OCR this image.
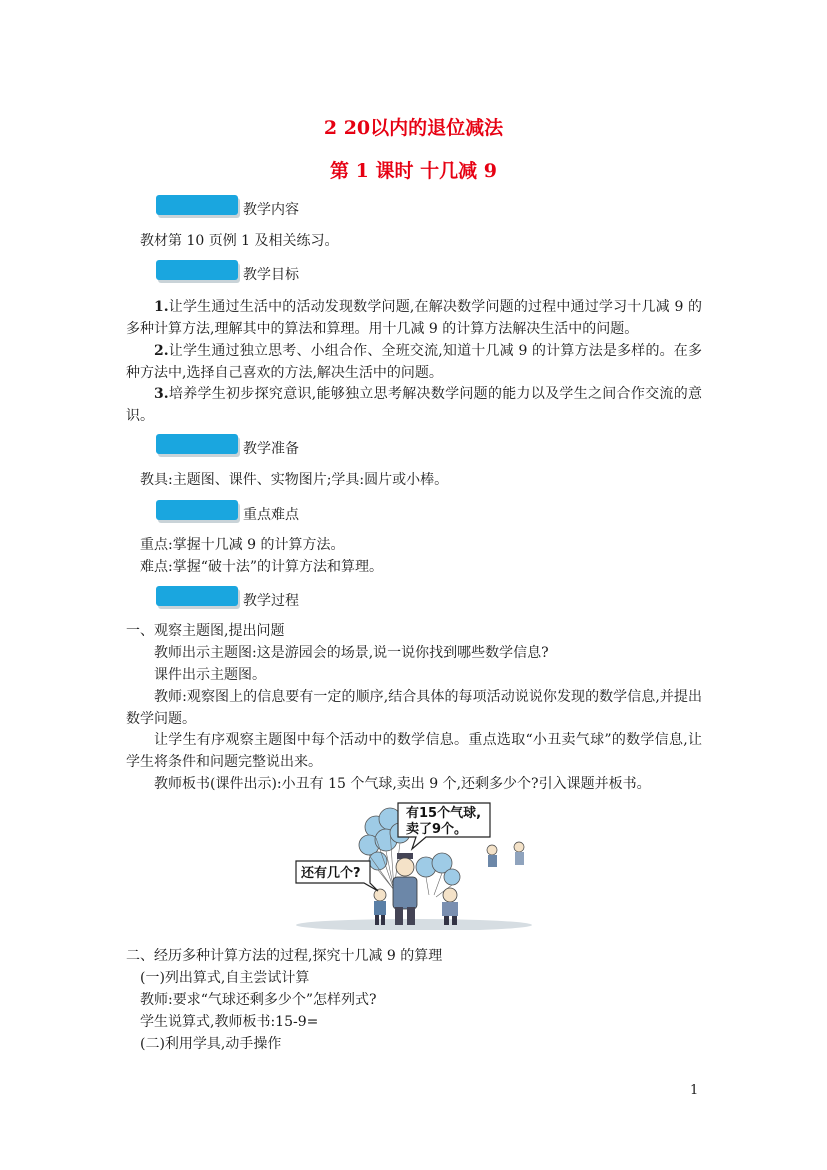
2 20以内的退位减法
第 1 课时 十几减 9
教学内容

教材第 10 页例 1 及相关练习。

教学目标

1.让学生通过生活中的活动发现数学问题,在解决数学问题的过程中通过学习十几减 9 的多种计算方法,理解其中的算法和算理。用十几减 9 的计算方法解决生活中的问题。

2.让学生通过独立思考、小组合作、全班交流,知道十几减 9 的计算方法是多样的。在多种方法中,选择自己喜欢的方法,解决生活中的问题。

3.培养学生初步探究意识,能够独立思考解决数学问题的能力以及学生之间合作交流的意识。

教学准备

教具:主题图、课件、实物图片;学具:圆片或小棒。

重点难点

重点:掌握十几减 9 的计算方法。

难点:掌握“破十法”的计算方法和算理。

教学过程

一、观察主题图,提出问题

教师出示主题图:这是游园会的场景,说一说你找到哪些数学信息?

课件出示主题图。

教师:观察图上的信息要有一定的顺序,结合具体的每项活动说说你发现的数学信息,并提出数学问题。

让学生有序观察主题图中每个活动中的数学信息。重点选取“小丑卖气球”的数学信息,让学生将条件和问题完整说出来。

教师板书(课件出示):小丑有 15 个气球,卖出 9 个,还剩多少个?引入课题并板书。

有15个气球,
卖了9个。
还有几个?

二、经历多种计算方法的过程,探究十几减 9 的算理

(一)列出算式,自主尝试计算

教师:要求“气球还剩多少个”怎样列式?

学生说算式,教师板书:15-9=

(二)利用学具,动手操作

1
